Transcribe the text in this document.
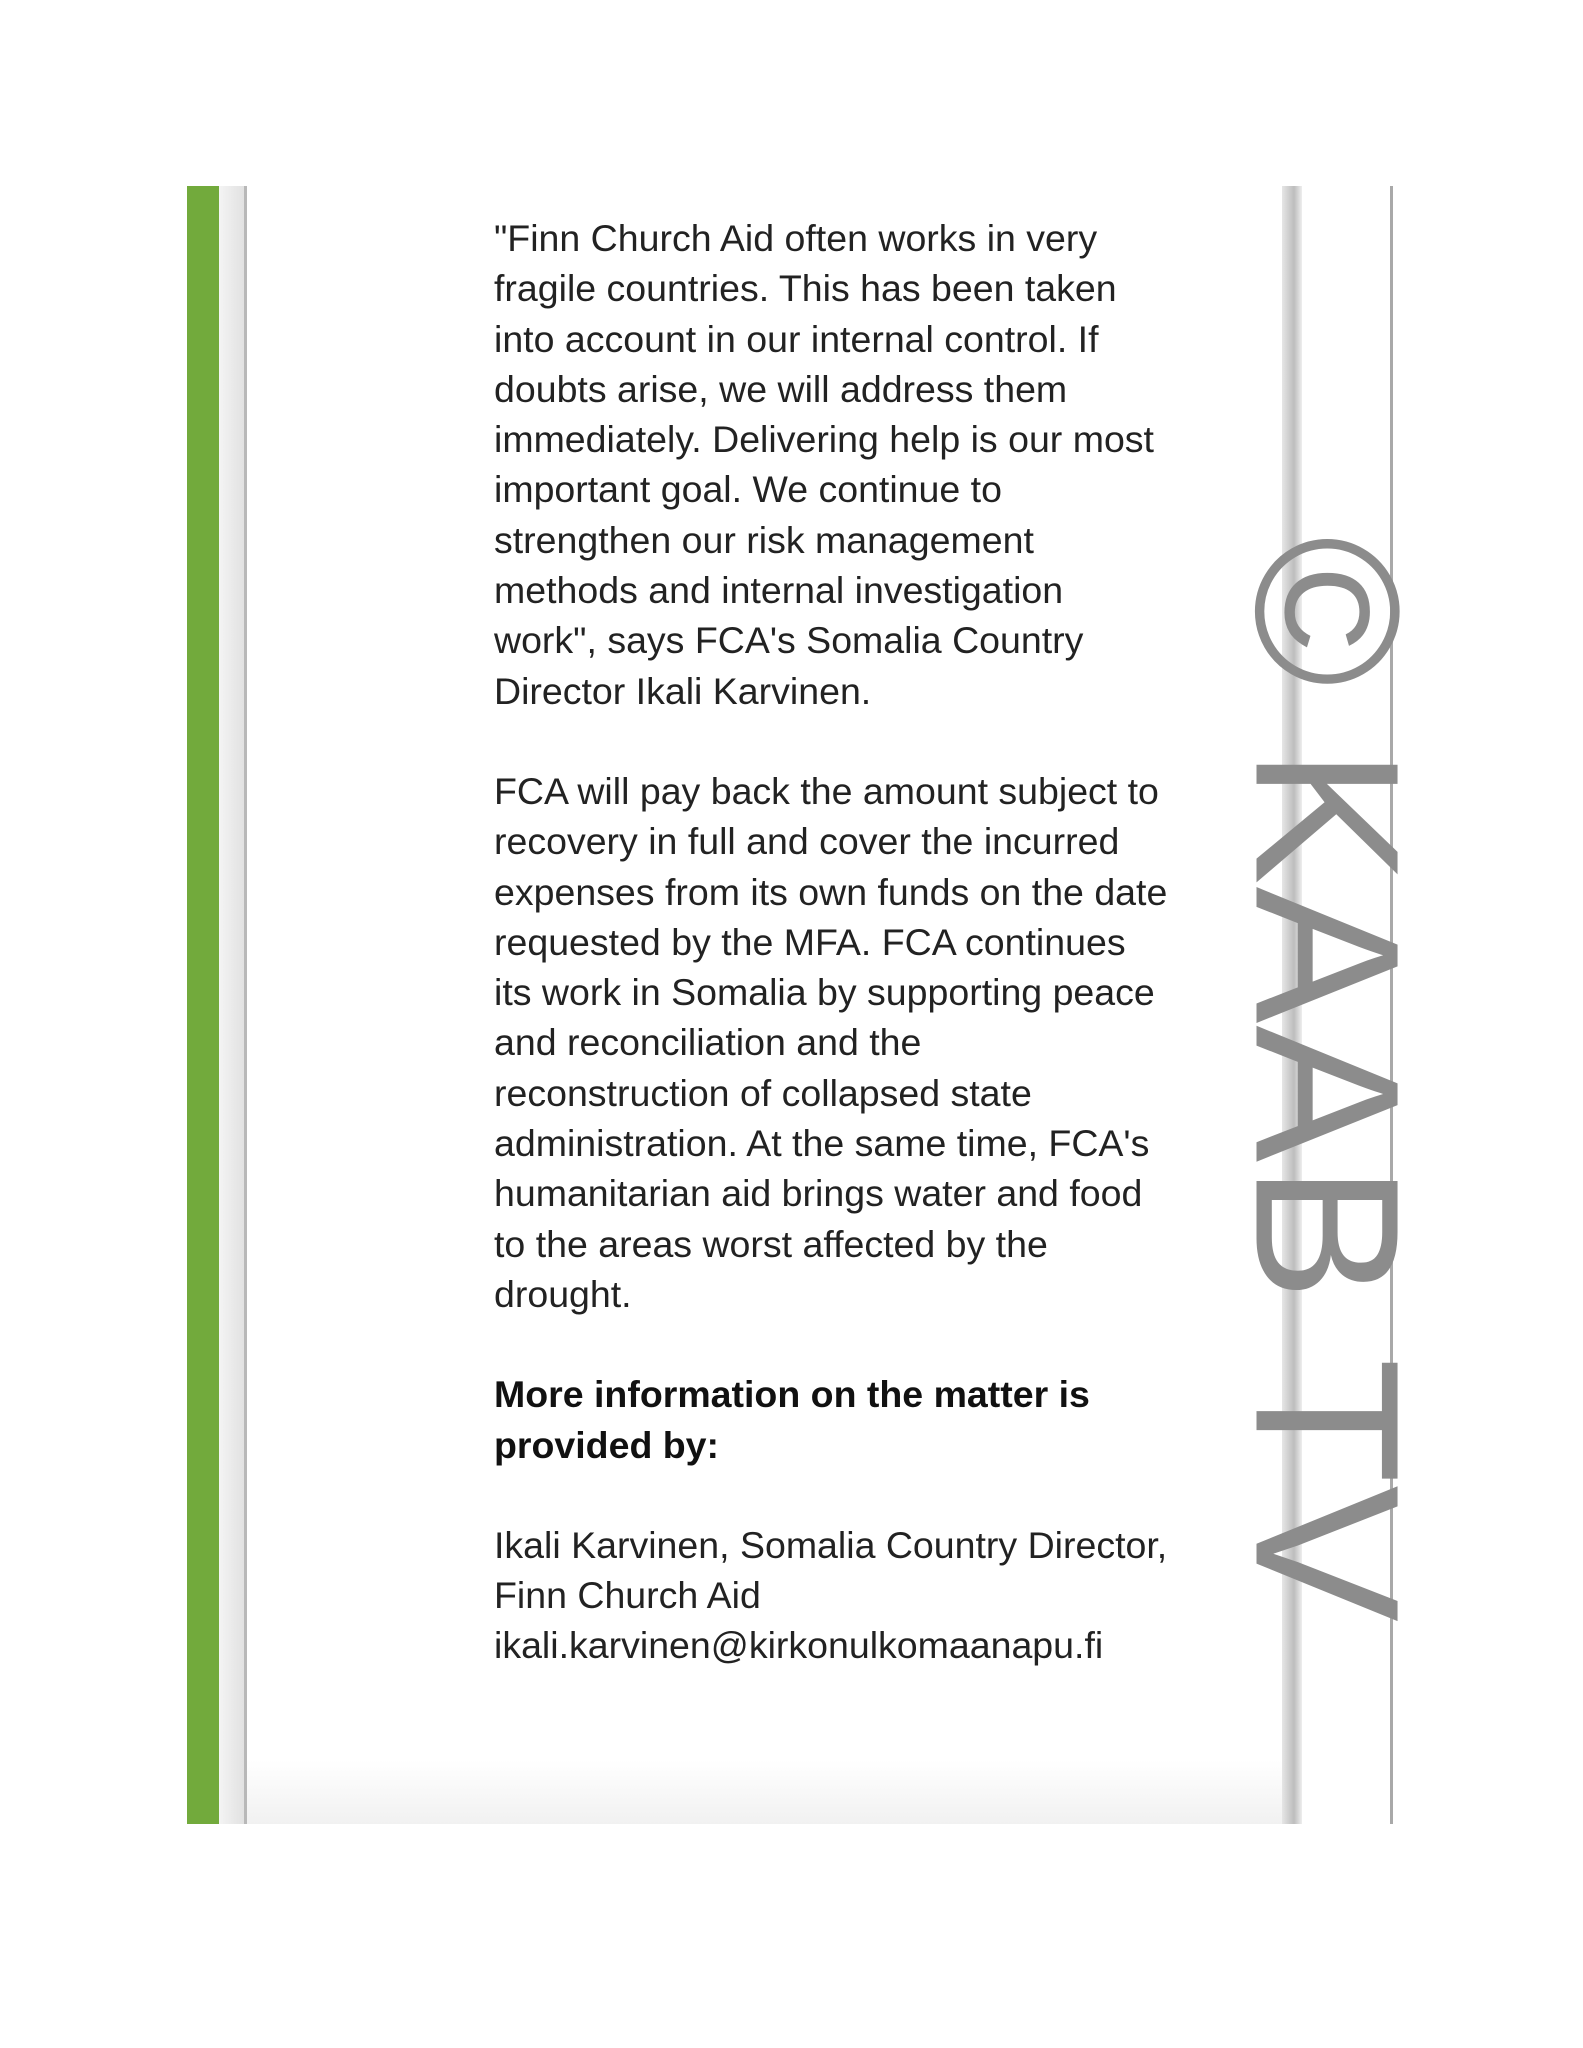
"Finn Church Aid often works in very
fragile countries. This has been taken
into account in our internal control. If
doubts arise, we will address them
immediately. Delivering help is our most
important goal. We continue to
strengthen our risk management
methods and internal investigation
work", says FCA's Somalia Country
Director Ikali Karvinen.

FCA will pay back the amount subject to
recovery in full and cover the incurred
expenses from its own funds on the date
requested by the MFA. FCA continues
its work in Somalia by supporting peace
and reconciliation and the
reconstruction of collapsed state
administration. At the same time, FCA's
humanitarian aid brings water and food
to the areas worst affected by the
drought.

More information on the matter is
provided by:

Ikali Karvinen, Somalia Country Director,
Finn Church Aid
ikali.karvinen@kirkonulkomaanapu.fi

© KAAB TV
